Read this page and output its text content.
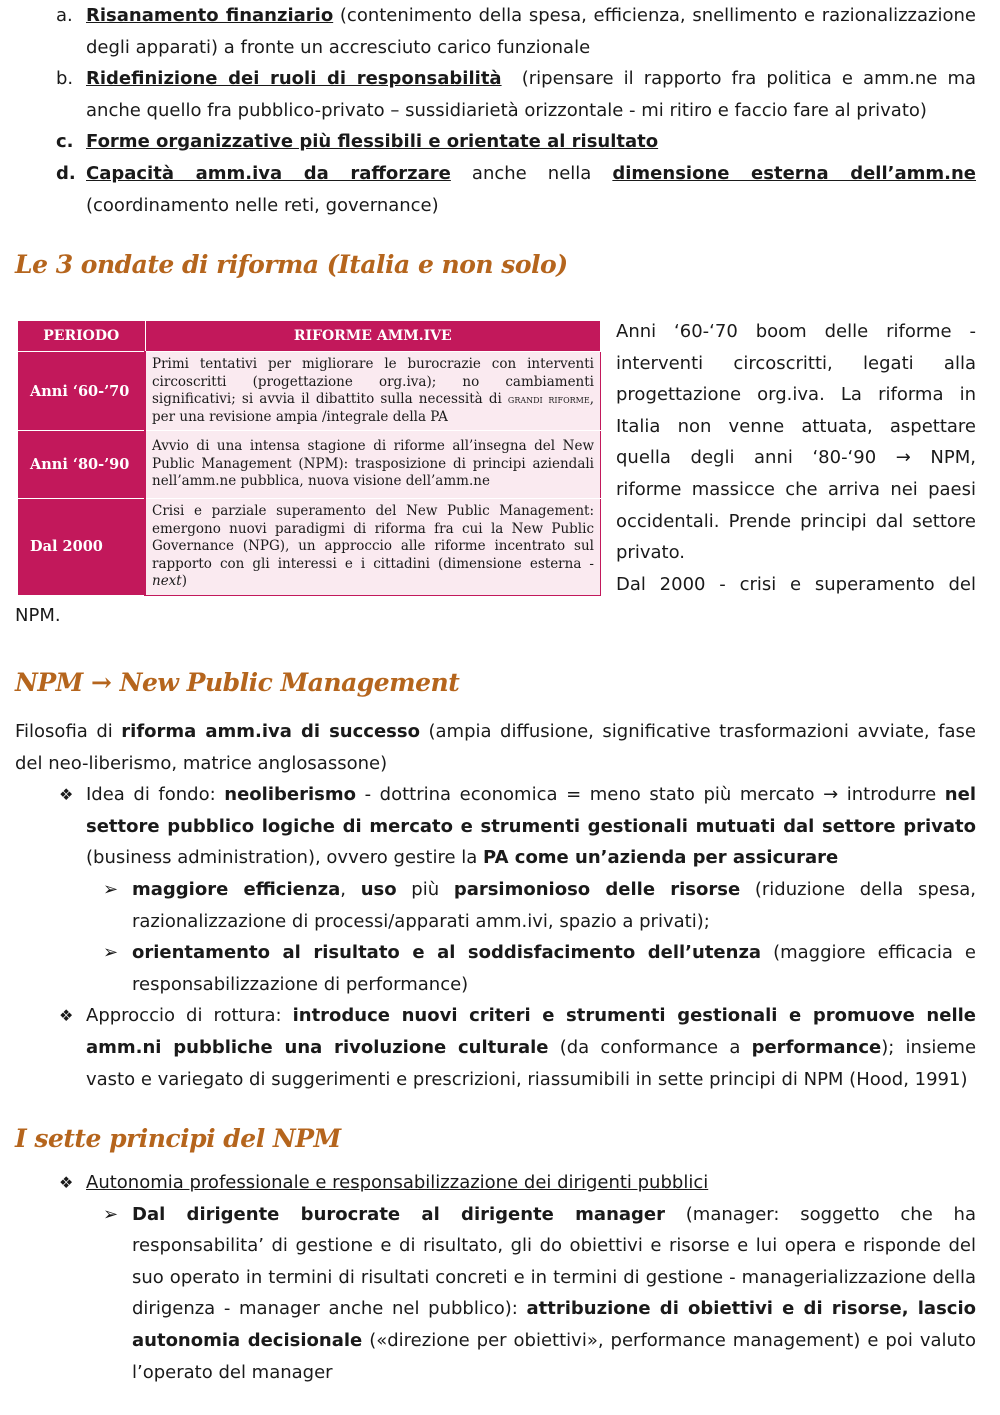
a. Risanamento finanziario (contenimento della spesa, efficienza, snellimento e razionalizzazione degli apparati) a fronte un accresciuto carico funzionale
b. Ridefinizione dei ruoli di responsabilità  (ripensare il rapporto fra politica e amm.ne ma anche quello fra pubblico-privato – sussidiarietà orizzontale - mi ritiro e faccio fare al privato)
c. Forme organizzative più flessibili e orientate al risultato
d. Capacità amm.iva da rafforzare anche nella dimensione esterna dell’amm.ne (coordinamento nelle reti, governance)
Le 3 ondate di riforma (Italia e non solo)
PERIODO	RIFORME AMM.IVE
Anni ‘60-’70	Primi tentativi per migliorare le burocrazie con interventi circoscritti (progettazione org.iva); no cambiamenti significativi; si avvia il dibattito sulla necessità di grandi riforme, per una revisione ampia /integrale della PA
Anni ‘80-’90	Avvio di una intensa stagione di riforme all’insegna del New Public Management (NPM): trasposizione di principi aziendali nell’amm.ne pubblica, nuova visione dell’amm.ne
Dal 2000	Crisi e parziale superamento del New Public Management: emergono nuovi paradigmi di riforma fra cui la New Public Governance (NPG), un approccio alle riforme incentrato sul rapporto con gli interessi e i cittadini (dimensione esterna - next)

Anni ‘60-‘70 boom delle riforme - interventi circoscritti, legati alla progettazione org.iva. La riforma in Italia non venne attuata, aspettare quella degli anni ‘80-‘90 → NPM, riforme massicce che arriva nei paesi occidentali. Prende principi dal settore privato.

Dal 2000 - crisi e superamento del

NPM.

NPM → New Public Management

Filosofia di riforma amm.iva di successo (ampia diffusione, significative trasformazioni avviate, fase del neo-liberismo, matrice anglosassone)

❖ Idea di fondo: neoliberismo - dottrina economica = meno stato più mercato → introdurre nel settore pubblico logiche di mercato e strumenti gestionali mutuati dal settore privato (business administration), ovvero gestire la PA come un’azienda per assicurare
➢ maggiore efficienza, uso più parsimonioso delle risorse (riduzione della spesa, razionalizzazione di processi/apparati amm.ivi, spazio a privati);
➢ orientamento al risultato e al soddisfacimento dell’utenza (maggiore efficacia e responsabilizzazione di performance)
❖ Approccio di rottura: introduce nuovi criteri e strumenti gestionali e promuove nelle amm.ni pubbliche una rivoluzione culturale (da conformance a performance); insieme vasto e variegato di suggerimenti e prescrizioni, riassumibili in sette principi di NPM (Hood, 1991)
I sette principi del NPM
❖ Autonomia professionale e responsabilizzazione dei dirigenti pubblici
➢ Dal dirigente burocrate al dirigente manager (manager: soggetto che ha responsabilita’ di gestione e di risultato, gli do obiettivi e risorse e lui opera e risponde del suo operato in termini di risultati concreti e in termini di gestione - managerializzazione della dirigenza - manager anche nel pubblico): attribuzione di obiettivi e di risorse, lascio autonomia decisionale («direzione per obiettivi», performance management) e poi valuto l’operato del manager
